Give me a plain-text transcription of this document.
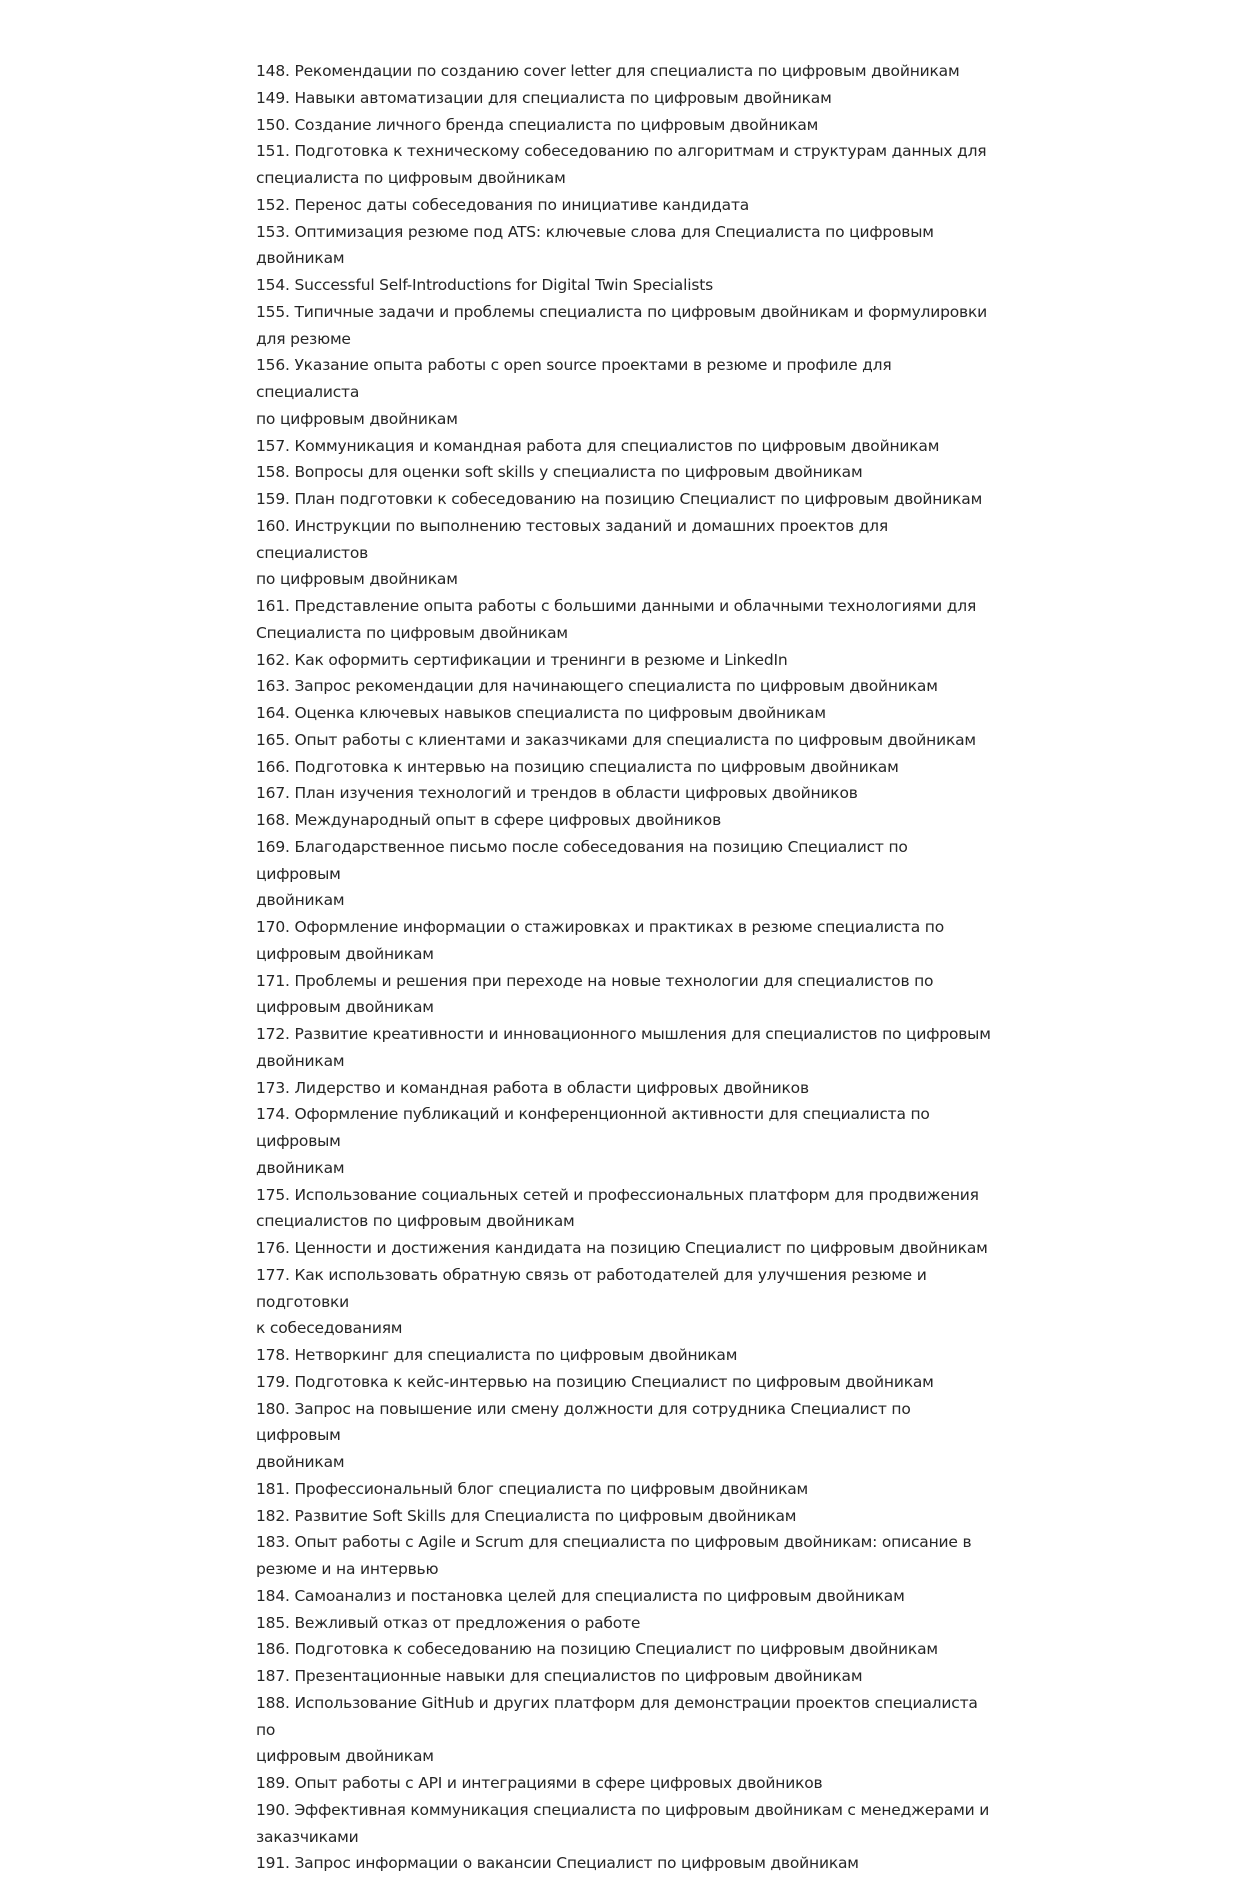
148. Рекомендации по созданию cover letter для специалиста по цифровым двойникам
149. Навыки автоматизации для специалиста по цифровым двойникам
150. Создание личного бренда специалиста по цифровым двойникам
151. Подготовка к техническому собеседованию по алгоритмам и структурам данных для
специалиста по цифровым двойникам
152. Перенос даты собеседования по инициативе кандидата
153. Оптимизация резюме под ATS: ключевые слова для Специалиста по цифровым
двойникам
154. Successful Self-Introductions for Digital Twin Specialists
155. Типичные задачи и проблемы специалиста по цифровым двойникам и формулировки
для резюме
156. Указание опыта работы с open source проектами в резюме и профиле для специалиста
по цифровым двойникам
157. Коммуникация и командная работа для специалистов по цифровым двойникам
158. Вопросы для оценки soft skills у специалиста по цифровым двойникам
159. План подготовки к собеседованию на позицию Специалист по цифровым двойникам
160. Инструкции по выполнению тестовых заданий и домашних проектов для специалистов
по цифровым двойникам
161. Представление опыта работы с большими данными и облачными технологиями для
Специалиста по цифровым двойникам
162. Как оформить сертификации и тренинги в резюме и LinkedIn
163. Запрос рекомендации для начинающего специалиста по цифровым двойникам
164. Оценка ключевых навыков специалиста по цифровым двойникам
165. Опыт работы с клиентами и заказчиками для специалиста по цифровым двойникам
166. Подготовка к интервью на позицию специалиста по цифровым двойникам
167. План изучения технологий и трендов в области цифровых двойников
168. Международный опыт в сфере цифровых двойников
169. Благодарственное письмо после собеседования на позицию Специалист по цифровым
двойникам
170. Оформление информации о стажировках и практиках в резюме специалиста по
цифровым двойникам
171. Проблемы и решения при переходе на новые технологии для специалистов по
цифровым двойникам
172. Развитие креативности и инновационного мышления для специалистов по цифровым
двойникам
173. Лидерство и командная работа в области цифровых двойников
174. Оформление публикаций и конференционной активности для специалиста по цифровым
двойникам
175. Использование социальных сетей и профессиональных платформ для продвижения
специалистов по цифровым двойникам
176. Ценности и достижения кандидата на позицию Специалист по цифровым двойникам
177. Как использовать обратную связь от работодателей для улучшения резюме и подготовки
к собеседованиям
178. Нетворкинг для специалиста по цифровым двойникам
179. Подготовка к кейс-интервью на позицию Специалист по цифровым двойникам
180. Запрос на повышение или смену должности для сотрудника Специалист по цифровым
двойникам
181. Профессиональный блог специалиста по цифровым двойникам
182. Развитие Soft Skills для Специалиста по цифровым двойникам
183. Опыт работы с Agile и Scrum для специалиста по цифровым двойникам: описание в
резюме и на интервью
184. Самоанализ и постановка целей для специалиста по цифровым двойникам
185. Вежливый отказ от предложения о работе
186. Подготовка к собеседованию на позицию Специалист по цифровым двойникам
187. Презентационные навыки для специалистов по цифровым двойникам
188. Использование GitHub и других платформ для демонстрации проектов специалиста по
цифровым двойникам
189. Опыт работы с API и интеграциями в сфере цифровых двойников
190. Эффективная коммуникация специалиста по цифровым двойникам с менеджерами и
заказчиками
191. Запрос информации о вакансии Специалист по цифровым двойникам
